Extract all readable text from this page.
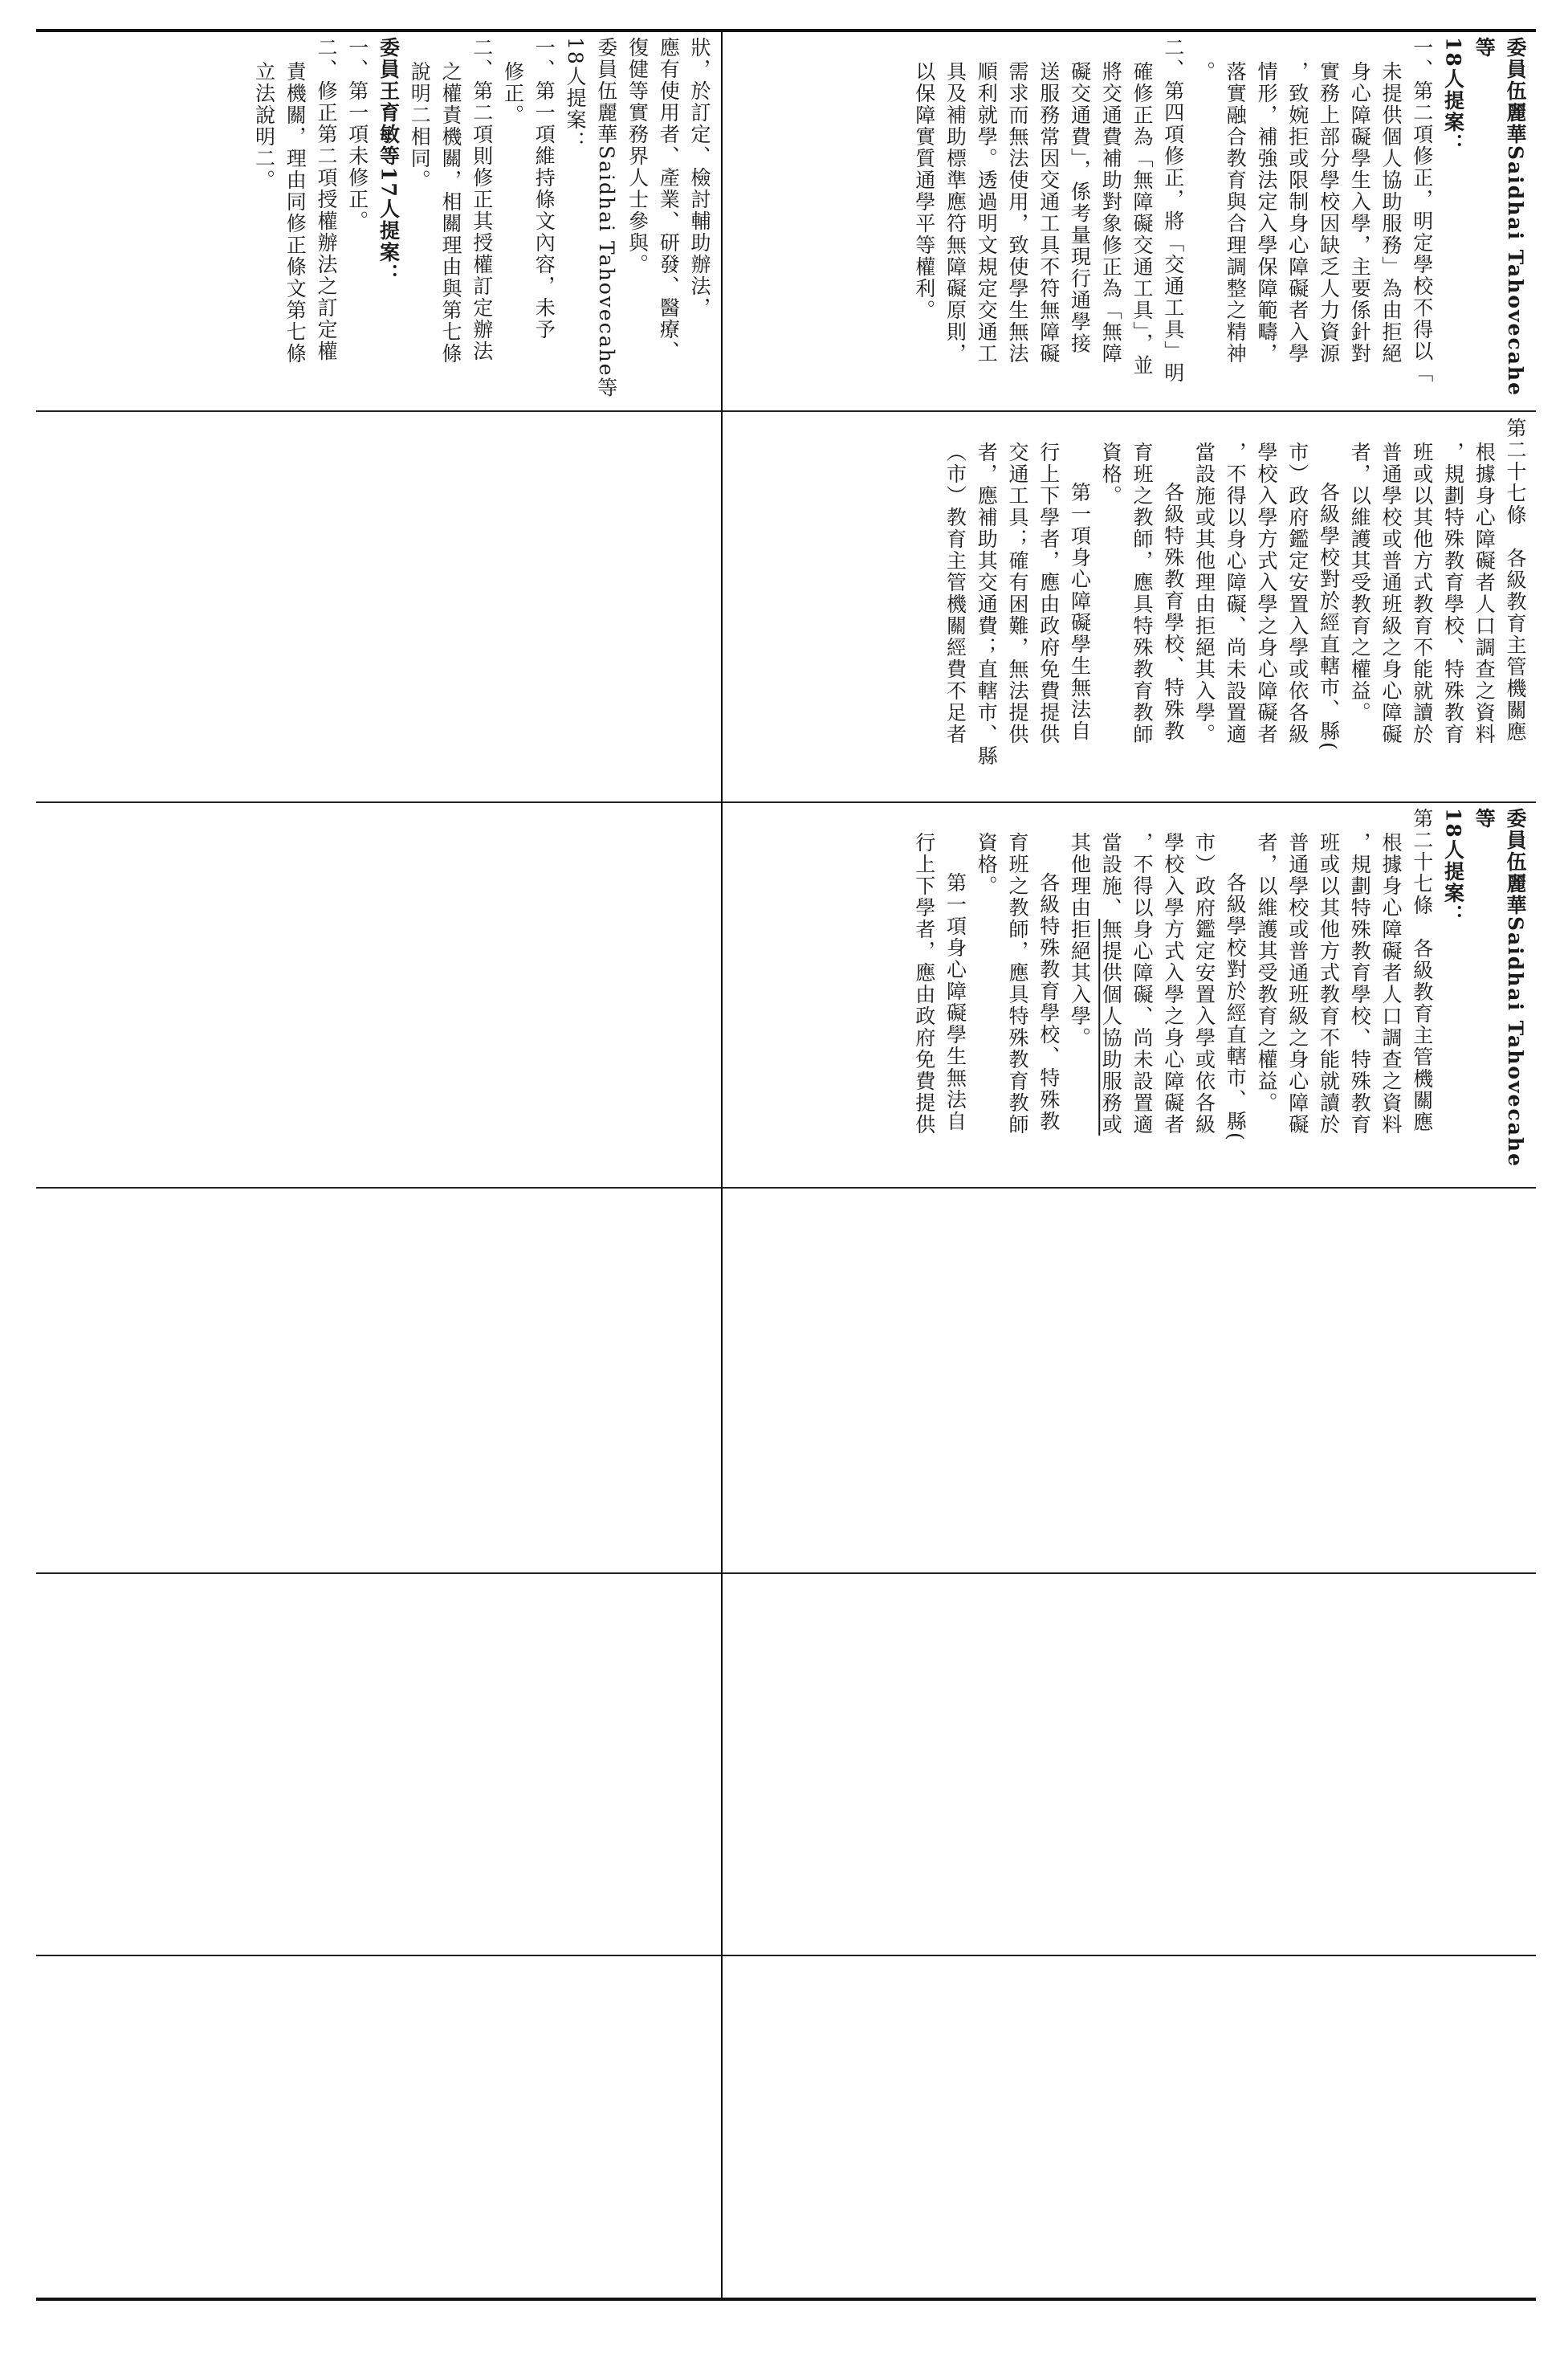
狀，於訂定、檢討輔助辦法，

應有使用者、產業、研發、醫療、

復健等實務界人士參與。

委員伍麗華Saidhai Tahovecahe等

18人提案：

一、第一項維持條文內容，未予

修正。

二、第二項則修正其授權訂定辦法

之權責機關，相關理由與第七條

說明二相同。

委員王育敏等17人提案：

一、第一項未修正。

二、修正第二項授權辦法之訂定權

責機關，理由同修正條文第七條

立法說明二。	委員伍麗華Saidhai Tahovecahe等

18人提案：

一、第二項修正，明定學校不得以「

未提供個人協助服務」為由拒絕

身心障礙學生入學，主要係針對

實務上部分學校因缺乏人力資源

，致婉拒或限制身心障礙者入學

情形，補強法定入學保障範疇，

落實融合教育與合理調整之精神

。

二、第四項修正，將「交通工具」明

確修正為「無障礙交通工具」，並

將交通費補助對象修正為「無障

礙交通費」，係考量現行通學接

送服務常因交通工具不符無障礙

需求而無法使用，致使學生無法

順利就學。透過明文規定交通工

具及補助標準應符無障礙原則，

以保障實質通學平等權利。

第二十七條　各級教育主管機關應

根據身心障礙者人口調查之資料

，規劃特殊教育學校、特殊教育

班或以其他方式教育不能就讀於

普通學校或普通班級之身心障礙

者，以維護其受教育之權益。

各級學校對於經直轄市、縣(

市）政府鑑定安置入學或依各級

學校入學方式入學之身心障礙者

，不得以身心障礙、尚未設置適

當設施或其他理由拒絕其入學。

各級特殊教育學校、特殊教

育班之教師，應具特殊教育教師

資格。

第一項身心障礙學生無法自

行上下學者，應由政府免費提供

交通工具；確有困難，無法提供

者，應補助其交通費；直轄市、縣

（市）教育主管機關經費不足者

委員伍麗華Saidhai Tahovecahe等

18人提案：

第二十七條　各級教育主管機關應

根據身心障礙者人口調查之資料

，規劃特殊教育學校、特殊教育

班或以其他方式教育不能就讀於

普通學校或普通班級之身心障礙

者，以維護其受教育之權益。

各級學校對於經直轄市、縣(

市）政府鑑定安置入學或依各級

學校入學方式入學之身心障礙者

，不得以身心障礙、尚未設置適

當設施、無提供個人協助服務或

其他理由拒絕其入學。

各級特殊教育學校、特殊教

育班之教師，應具特殊教育教師

資格。

第一項身心障礙學生無法自

行上下學者，應由政府免費提供
